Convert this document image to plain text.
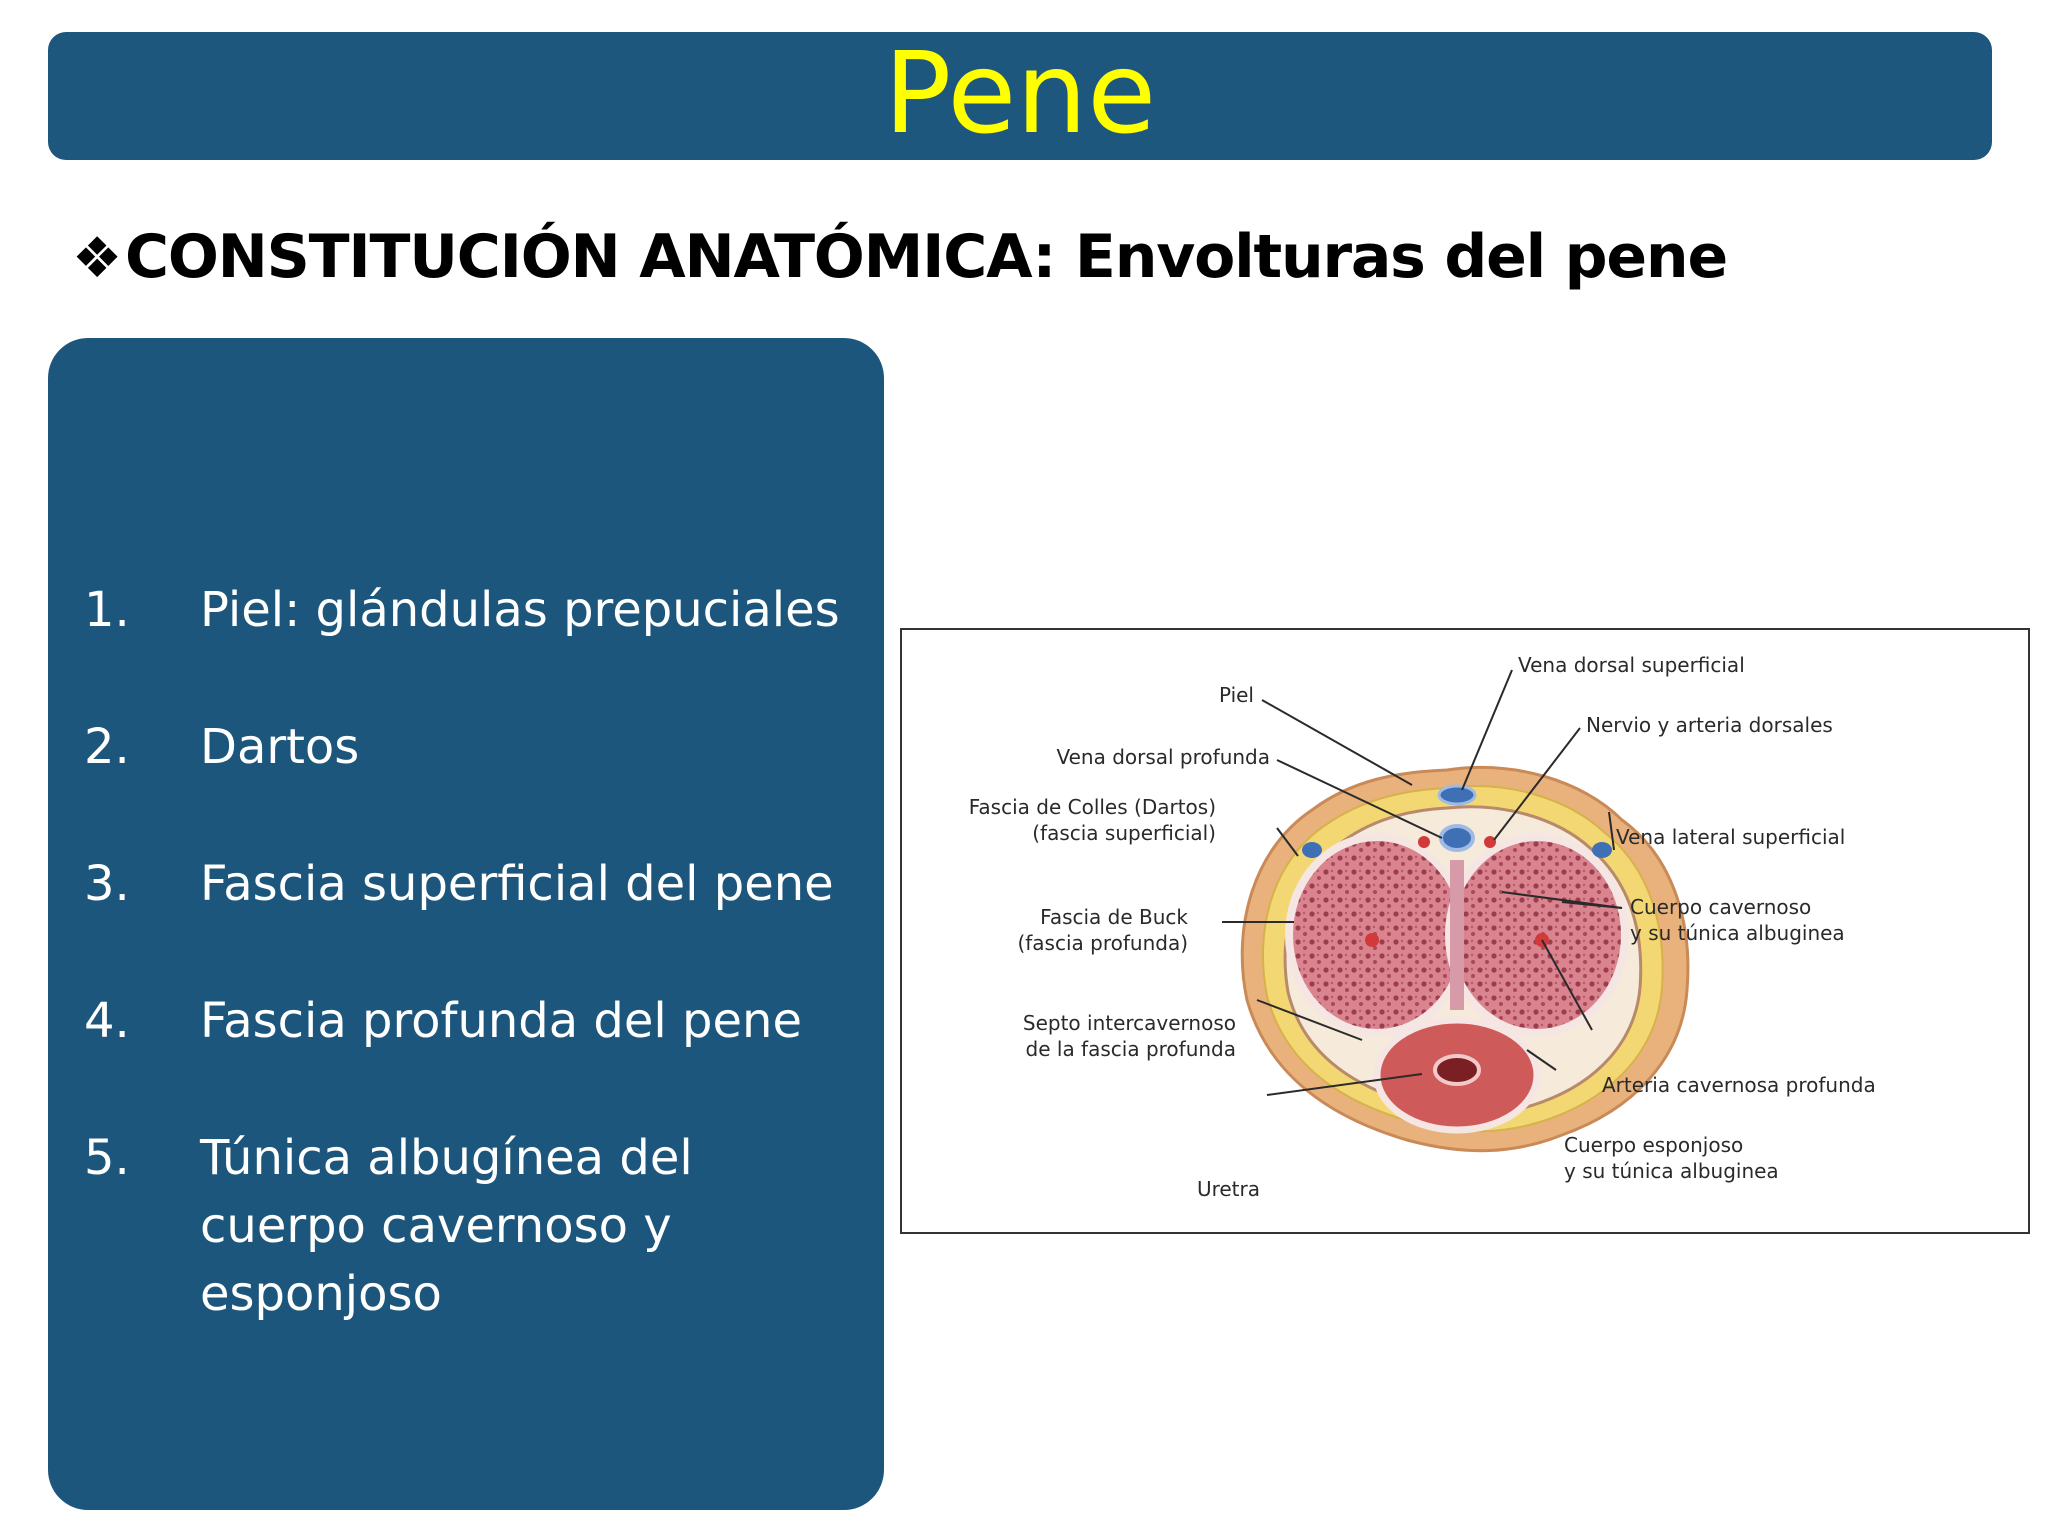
Pene
❖CONSTITUCIÓN ANATÓMICA: Envolturas del pene
1.	Piel: glándulas prepuciales
2.	Dartos
3.	Fascia superficial del pene
4.	Fascia profunda del pene
5.	Túnica albugínea del cuerpo cavernoso y esponjoso
Piel
Vena dorsal superficial
Nervio y arteria dorsales
Vena dorsal profunda
Fascia de Colles (Dartos)
(fascia superficial)	Vena lateral superficial
Fascia de Buck
(fascia profunda)
Cuerpo cavernoso
y su túnica albuginea
Septo intercavernoso
de la fascia profunda
Arteria cavernosa profunda
Cuerpo esponjoso
y su túnica albuginea
Uretra
